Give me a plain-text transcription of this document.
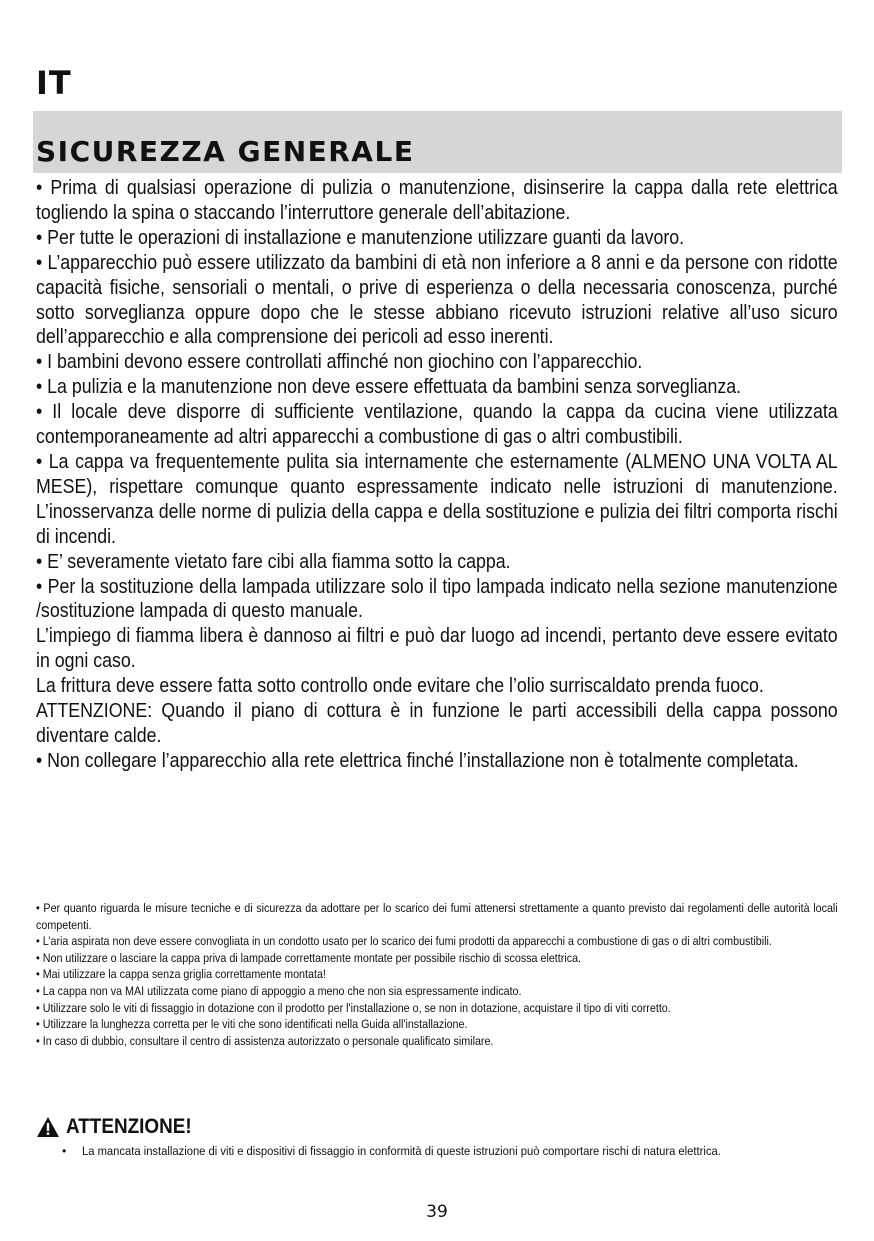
IT
SICUREZZA GENERALE

• Prima di qualsiasi operazione di pulizia o manutenzione, disinserire la cappa dalla rete elettrica togliendo la spina o staccando l’interruttore generale dell’abitazione.

• Per tutte le operazioni di installazione e manutenzione utilizzare guanti da lavoro.

• L’apparecchio può essere utilizzato da bambini di età non inferiore a 8 anni e da persone con ridotte capacità fisiche, sensoriali o mentali, o prive di esperienza o della necessaria conoscenza, purché sotto sorveglianza oppure dopo che le stesse abbiano ricevuto istruzioni relative all’uso sicuro dell’apparecchio e alla comprensione dei pericoli ad esso inerenti.

• I bambini devono essere controllati affinché non giochino con l’apparecchio.

• La pulizia e la manutenzione non deve essere effettuata da bambini senza sorveglianza.

• Il locale deve disporre di sufficiente ventilazione, quando la cappa da cucina viene utilizzata contemporaneamente ad altri apparecchi a combustione di gas o altri combustibili.

• La cappa va frequentemente pulita sia internamente che esternamente (ALMENO UNA VOLTA AL MESE), rispettare comunque quanto espressamente indicato nelle istruzioni di manutenzione. L’inosservanza delle norme di pulizia della cappa e della sostituzione e pulizia dei filtri comporta rischi di incendi.

• E’ severamente vietato fare cibi alla fiamma sotto la cappa.

• Per la sostituzione della lampada utilizzare solo il tipo lampada indicato nella sezione manutenzione /sostituzione lampada di questo manuale.

L’impiego di fiamma libera è dannoso ai filtri e può dar luogo ad incendi, pertanto deve essere evitato in ogni caso.

La frittura deve essere fatta sotto controllo onde evitare che l’olio surriscaldato prenda fuoco.

ATTENZIONE: Quando il piano di cottura è in funzione le parti accessibili della cappa possono diventare calde.

• Non collegare l’apparecchio alla rete elettrica finché l’installazione non è totalmente completata.

• Per quanto riguarda le misure tecniche e di sicurezza da adottare per lo scarico dei fumi attenersi strettamente a quanto previsto dai regolamenti delle autorità locali competenti.

• L’aria aspirata non deve essere convogliata in un condotto usato per lo scarico dei fumi prodotti da apparecchi a combustione di gas o di altri combustibili.

• Non utilizzare o lasciare la cappa priva di lampade correttamente montate per possibile rischio di scossa elettrica.

• Mai utilizzare la cappa senza griglia correttamente montata!

• La cappa non va MAI utilizzata come piano di appoggio a meno che non sia espressamente indicato.

• Utilizzare solo le viti di fissaggio in dotazione con il prodotto per l'installazione o, se non in dotazione, acquistare il tipo di viti corretto.

• Utilizzare la lunghezza corretta per le viti che sono identificati nella Guida all'installazione.

• In caso di dubbio, consultare il centro di assistenza autorizzato o personale qualificato similare.

ATTENZIONE!
• La mancata installazione di viti e dispositivi di fissaggio in conformità di queste istruzioni può comportare rischi di natura elettrica.
39
